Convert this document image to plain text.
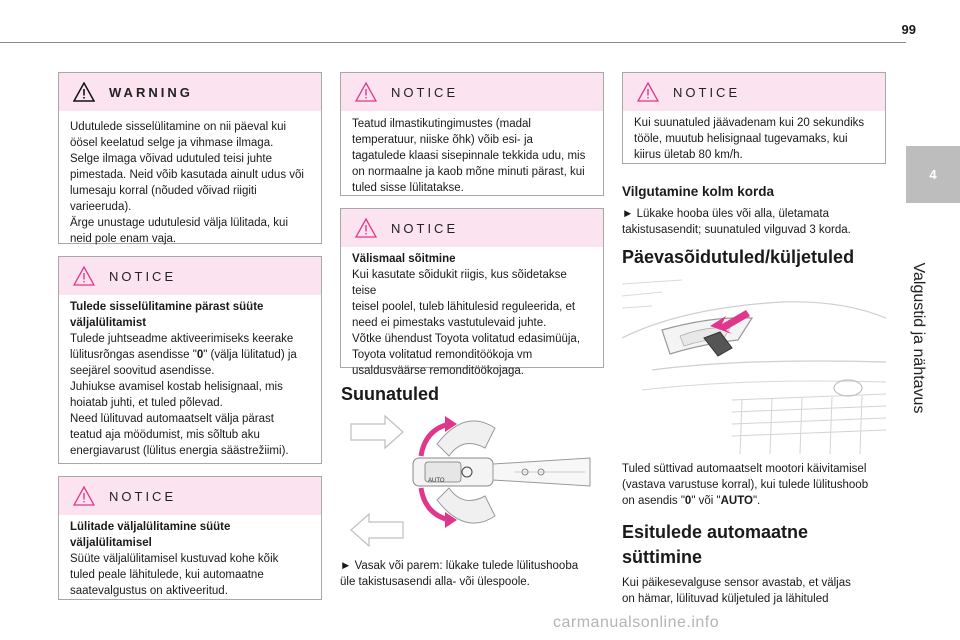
99
4
Valgustid ja nähtavus
WARNING

Udutulede sisselülitamine on nii päeval kui

öösel keelatud selge ja vihmase ilmaga.

Selge ilmaga võivad udutuled teisi juhte

pimestada. Neid võib kasutada ainult udus või

lumesaju korral (nõuded võivad riigiti

varieeruda).

Ärge unustage udutulesid välja lülitada, kui

neid pole enam vaja.

NOTICE

Tulede sisselülitamine pärast süüte

väljalülitamist

Tulede juhtseadme aktiveerimiseks keerake

lülitusrõngas asendisse "0" (välja lülitatud) ja

seejärel soovitud asendisse.

Juhiukse avamisel kostab helisignaal, mis

hoiatab juhti, et tuled põlevad.

Need lülituvad automaatselt välja pärast

teatud aja möödumist, mis sõltub aku

energiavarust (lülitus energia säästrežiimi).

NOTICE

Lülitade väljalülitamine süüte

väljalülitamisel

Süüte väljalülitamisel kustuvad kohe kõik

tuled peale lähitulede, kui automaatne

saatevalgustus on aktiveeritud.

NOTICE

Teatud ilmastikutingimustes (madal

temperatuur, niiske õhk) võib esi- ja

tagatulede klaasi sisepinnale tekkida udu, mis

on normaalne ja kaob mõne minuti pärast, kui

tuled sisse lülitatakse.

NOTICE

Välismaal sõitmine

Kui kasutate sõidukit riigis, kus sõidetakse teise

teisel poolel, tuleb lähitulesid reguleerida, et

need ei pimestaks vastutulevaid juhte.

Võtke ühendust Toyota volitatud edasimüüja,

Toyota volitatud remonditöökoja vm

usaldusväärse remonditöökojaga.

Suunatuled
AUTO

► Vasak või parem: lükake tulede lülitushooba

üle takistusasendi alla- või ülespoole.

NOTICE

Kui suunatuled jäävadenam kui 20 sekundiks

tööle, muutub helisignaal tugevamaks, kui

kiirus ületab 80 km/h.

Vilgutamine kolm korda

► Lükake hooba üles või alla, ületamata

takistusasendit; suunatuled vilguvad 3 korda.

Päevasõidutuled/küljetuled

Tuled süttivad automaatselt mootori käivitamisel

(vastava varustuse korral), kui tulede lülitushoob

on asendis "0" või "AUTO".

Esitulede automaatne

süttimine

Kui päikesevalguse sensor avastab, et väljas

on hämar, lülituvad küljetuled ja lähituled

carmanualsonline.info
